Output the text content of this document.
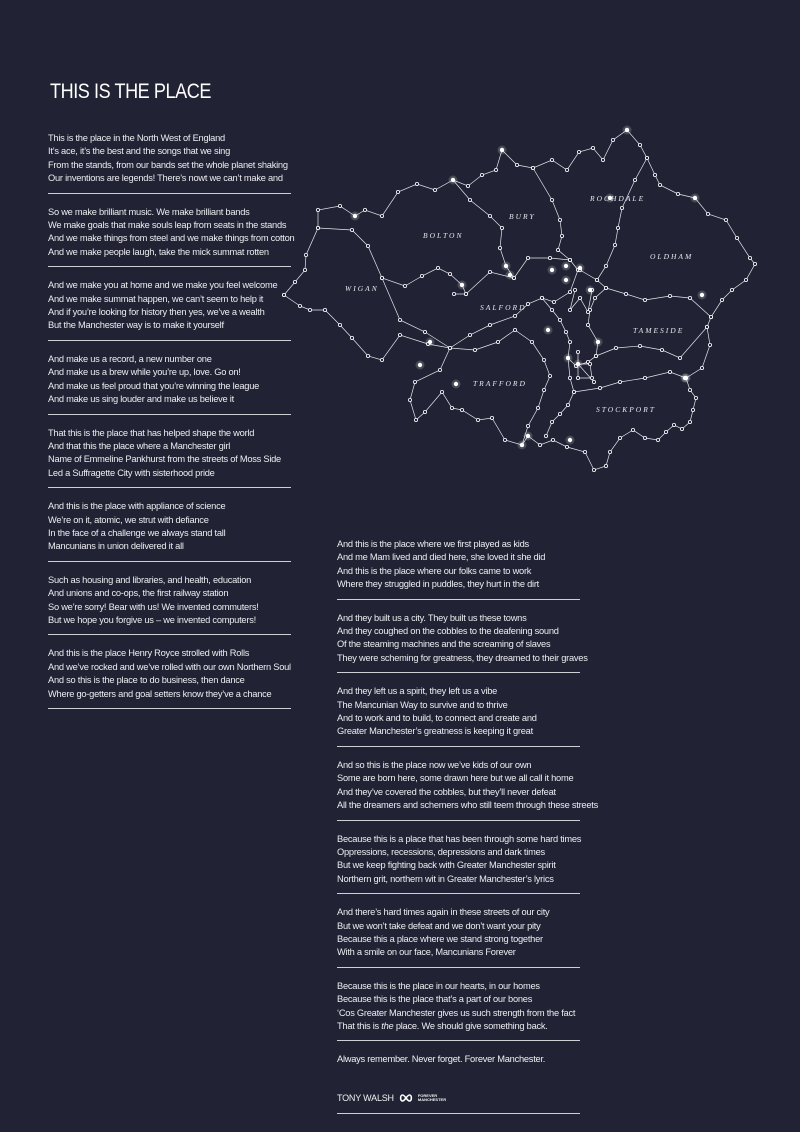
THIS IS THE PLACE
This is the place in the North West of England
It’s ace, it’s the best and the songs that we sing
From the stands, from our bands set the whole planet shaking
Our inventions are legends! There’s nowt we can’t make and
So we make brilliant music. We make brilliant bands
We make goals that make souls leap from seats in the stands
And we make things from steel and we make things from cotton
And we make people laugh, take the mick summat rotten
And we make you at home and we make you feel welcome
And we make summat happen, we can’t seem to help it
And if you’re looking for history then yes, we’ve a wealth
But the Manchester way is to make it yourself
And make us a record, a new number one
And make us a brew while you’re up, love. Go on!
And make us feel proud that you’re winning the league
And make us sing louder and make us believe it
That this is the place that has helped shape the world
And that this the place where a Manchester girl
Name of Emmeline Pankhurst from the streets of Moss Side
Led a Suffragette City with sisterhood pride
And this is the place with appliance of science
We’re on it, atomic, we strut with defiance
In the face of a challenge we always stand tall
Mancunians in union delivered it all
Such as housing and libraries, and health, education
And unions and co-ops, the first railway station
So we’re sorry! Bear with us! We invented commuters!
But we hope you forgive us – we invented computers!
And this is the place Henry Royce strolled with Rolls
And we’ve rocked and we’ve rolled with our own Northern Soul
And so this is the place to do business, then dance
Where go-getters and goal setters know they’ve a chance
And this is the place where we first played as kids
And me Mam lived and died here, she loved it she did
And this is the place where our folks came to work
Where they struggled in puddles, they hurt in the dirt
And they built us a city. They built us these towns
And they coughed on the cobbles to the deafening sound
Of the steaming machines and the screaming of slaves
They were scheming for greatness, they dreamed to their graves
And they left us a spirit, they left us a vibe
The Mancunian Way to survive and to thrive
And to work and to build, to connect and create and
Greater Manchester’s greatness is keeping it great
And so this is the place now we’ve kids of our own
Some are born here, some drawn here but we all call it home
And they’ve covered the cobbles, but they’ll never defeat
All the dreamers and schemers who still teem through these streets
Because this is a place that has been through some hard times
Oppressions, recessions, depressions and dark times
But we keep fighting back with Greater Manchester spirit
Northern grit, northern wit in Greater Manchester’s lyrics
And there’s hard times again in these streets of our city
But we won’t take defeat and we don’t want your pity
Because this a place where we stand strong together
With a smile on our face, Mancunians Forever
Because this is the place in our hearts, in our homes
Because this is the place that’s a part of our bones
‘Cos Greater Manchester gives us such strength from the fact
That this is the place. We should give something back.
Always remember. Never forget. Forever Manchester.
TONY WALSH	FOREVER
MANCHESTER
WIGAN
BOLTON
BURY
ROCHDALE
OLDHAM
SALFORD
TAMESIDE
TRAFFORD
STOCKPORT
